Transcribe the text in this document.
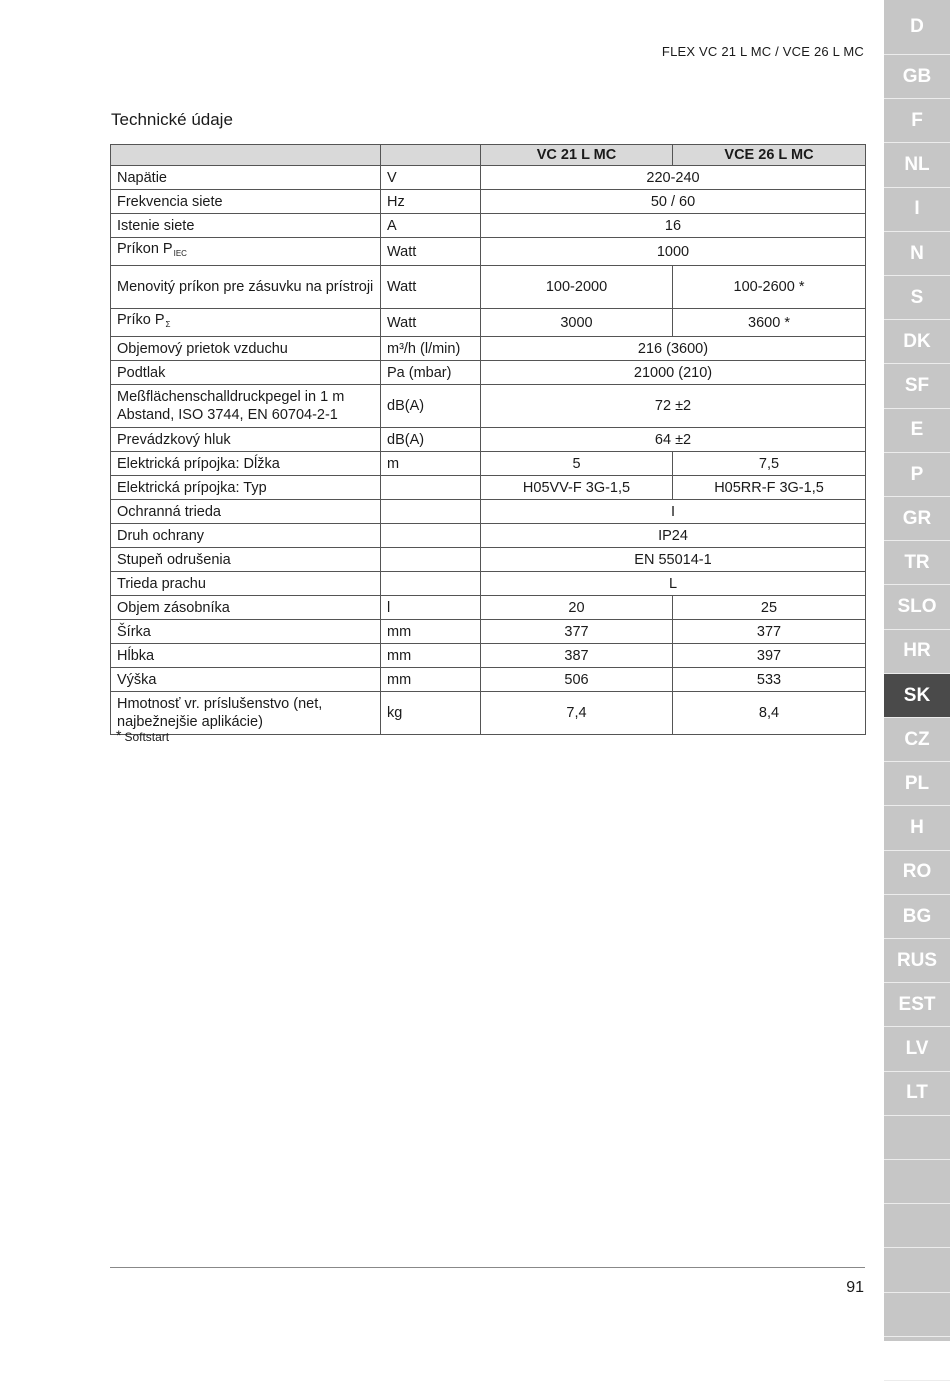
FLEX VC 21 L MC / VCE 26 L MC
Technické údaje
		VC 21 L MC	VCE 26 L MC
Napätie	V	220-240	
Frekvencia siete	Hz	50 / 60	
Istenie siete	A	16	
Príkon $P_{IEC}$	Watt	1000	
Menovitý príkon pre zásuvku na prístroji	Watt	100-2000	100-2600 *
Príko $P_\Sigma$	Watt	3000	3600 *
Objemový prietok vzduchu	m³/h (l/min)	216 (3600)	
Podtlak	Pa (mbar)	21000 (210)	
Meßflächenschalldruckpegel in 1 m Abstand, ISO 3744, EN 60704-2-1	dB(A)	72 ±2	
Prevádzkový hluk	dB(A)	64 ±2	
Elektrická prípojka: Dĺžka	m	5	7,5
Elektrická prípojka: Typ		H05VV-F 3G-1,5	H05RR-F 3G-1,5
Ochranná trieda		I	
Druh ochrany		IP24	
Stupeň odrušenia		EN 55014-1	
Trieda prachu		L	
Objem zásobníka	l	20	25
Šírka	mm	377	377
Hĺbka	mm	387	397
Výška	mm	506	533
Hmotnosť vr. príslušenstvo (net, najbežnejšie aplikácie)	kg	7,4	8,4
* Softstart
91
D
GB
F
NL
I
N
S
DK
SF
E
P
GR
TR
SLO
HR
SK
CZ
PL
H
RO
BG
RUS
EST
LV
LT
